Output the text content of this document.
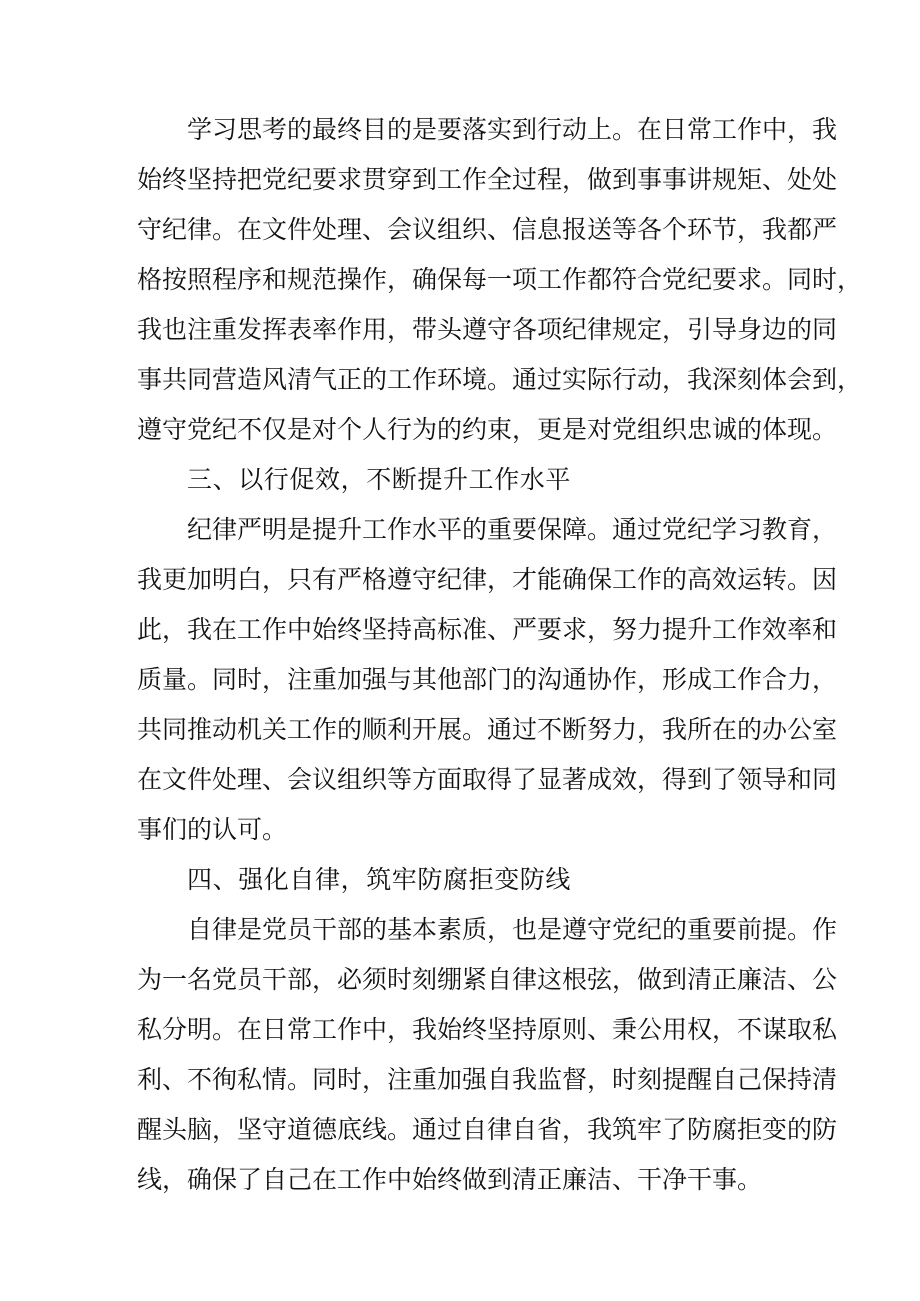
学习思考的最终目的是要落实到行动上。在日常工作中，我
始终坚持把党纪要求贯穿到工作全过程，做到事事讲规矩、处处
守纪律。在文件处理、会议组织、信息报送等各个环节，我都严
格按照程序和规范操作，确保每一项工作都符合党纪要求。同时，
我也注重发挥表率作用，带头遵守各项纪律规定，引导身边的同
事共同营造风清气正的工作环境。通过实际行动，我深刻体会到，
遵守党纪不仅是对个人行为的约束，更是对党组织忠诚的体现。
三、以行促效，不断提升工作水平
纪律严明是提升工作水平的重要保障。通过党纪学习教育，
我更加明白，只有严格遵守纪律，才能确保工作的高效运转。因
此，我在工作中始终坚持高标准、严要求，努力提升工作效率和
质量。同时，注重加强与其他部门的沟通协作，形成工作合力，
共同推动机关工作的顺利开展。通过不断努力，我所在的办公室
在文件处理、会议组织等方面取得了显著成效，得到了领导和同
事们的认可。
四、强化自律，筑牢防腐拒变防线
自律是党员干部的基本素质，也是遵守党纪的重要前提。作
为一名党员干部，必须时刻绷紧自律这根弦，做到清正廉洁、公
私分明。在日常工作中，我始终坚持原则、秉公用权，不谋取私
利、不徇私情。同时，注重加强自我监督，时刻提醒自己保持清
醒头脑，坚守道德底线。通过自律自省，我筑牢了防腐拒变的防
线，确保了自己在工作中始终做到清正廉洁、干净干事。
